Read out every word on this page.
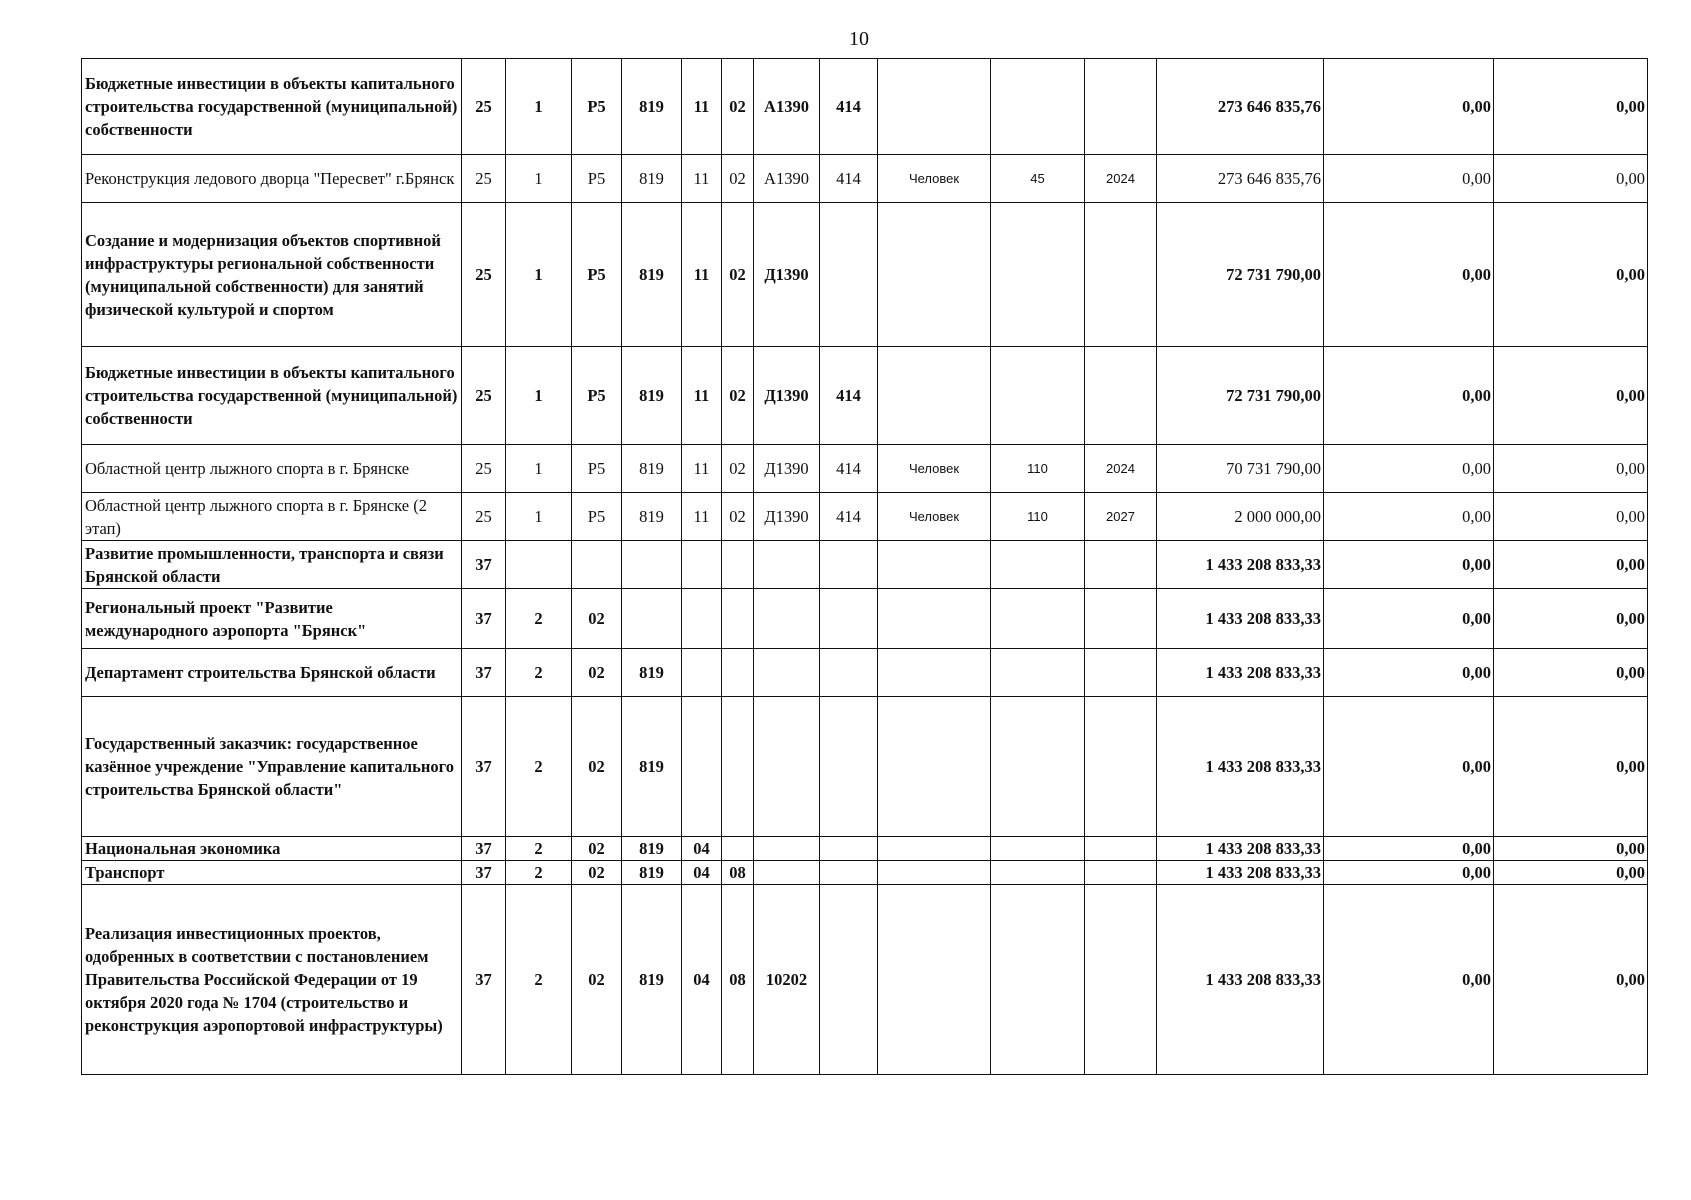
10
Бюджетные инвестиции в объекты капитального строительства государственной (муниципальной) собственности	25	1	Р5	819	11	02	А1390	414				273 646 835,76	0,00	0,00
Реконструкция ледового дворца "Пересвет" г.Брянск	25	1	Р5	819	11	02	А1390	414	Человек	45	2024	273 646 835,76	0,00	0,00
Создание и модернизация объектов спортивной инфраструктуры региональной собственности (муниципальной собственности) для занятий физической культурой и спортом	25	1	Р5	819	11	02	Д1390					72 731 790,00	0,00	0,00
Бюджетные инвестиции в объекты капитального строительства государственной (муниципальной) собственности	25	1	Р5	819	11	02	Д1390	414				72 731 790,00	0,00	0,00
Областной центр лыжного спорта в г. Брянске	25	1	Р5	819	11	02	Д1390	414	Человек	110	2024	70 731 790,00	0,00	0,00
Областной центр лыжного спорта в г. Брянске (2 этап)	25	1	Р5	819	11	02	Д1390	414	Человек	110	2027	2 000 000,00	0,00	0,00
Развитие промышленности, транспорта и связи Брянской области	37											1 433 208 833,33	0,00	0,00
Региональный проект "Развитие международного аэропорта "Брянск"	37	2	02									1 433 208 833,33	0,00	0,00
Департамент строительства Брянской области	37	2	02	819								1 433 208 833,33	0,00	0,00
Государственный заказчик: государственное казённое учреждение "Управление капитального строительства Брянской области"	37	2	02	819								1 433 208 833,33	0,00	0,00
Национальная экономика	37	2	02	819	04							1 433 208 833,33	0,00	0,00
Транспорт	37	2	02	819	04	08						1 433 208 833,33	0,00	0,00
Реализация инвестиционных проектов, одобренных в соответствии с постановлением Правительства Российской Федерации от 19 октября 2020 года № 1704 (строительство и реконструкция аэропортовой инфраструктуры)	37	2	02	819	04	08	10202					1 433 208 833,33	0,00	0,00
